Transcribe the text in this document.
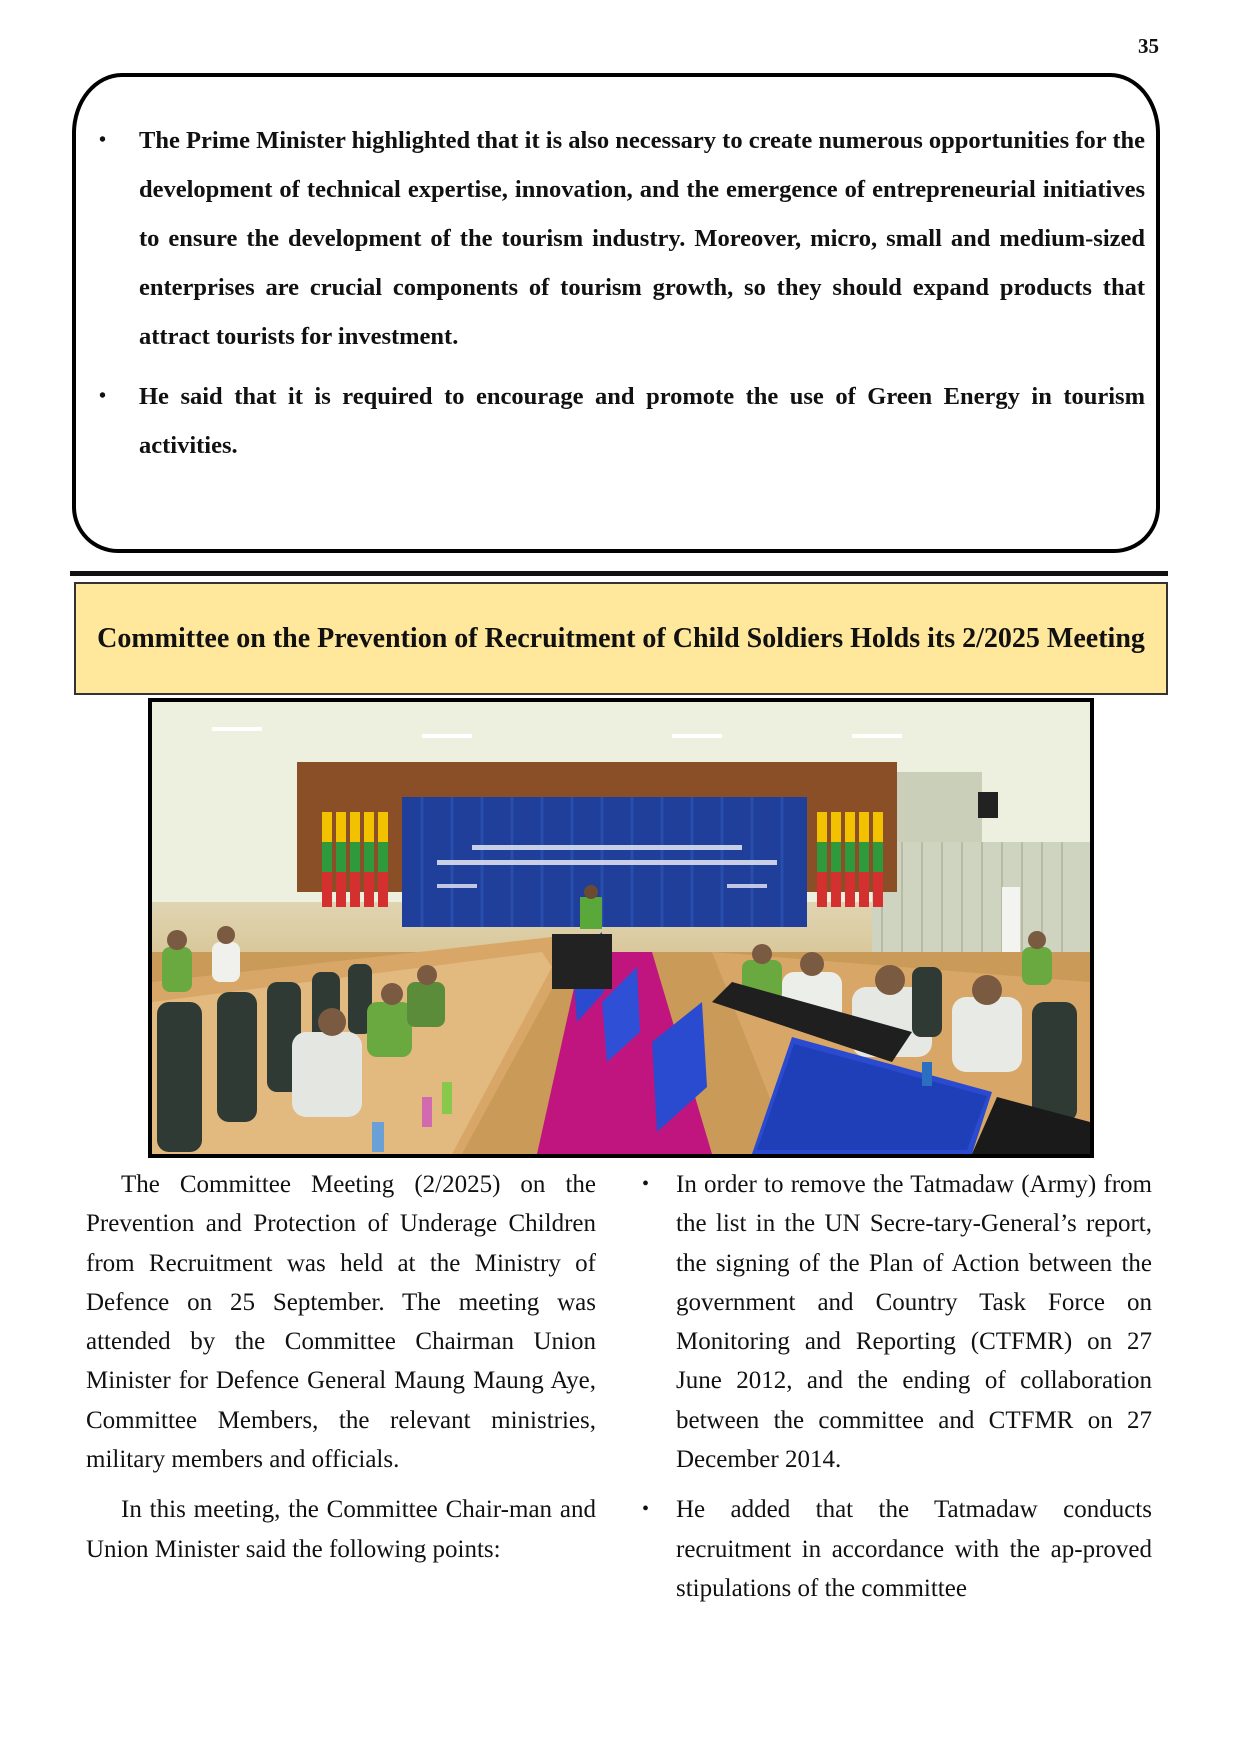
35
• The Prime Minister highlighted that it is also necessary to create numerous opportunities for the development of technical expertise, innovation, and the emergence of entrepreneurial initiatives to ensure the development of the tourism industry. Moreover, micro, small and medium-sized enterprises are crucial components of tourism growth, so they should expand products that attract tourists for investment.
• He said that it is required to encourage and promote the use of Green Energy in tourism activities.
Committee on the Prevention of Recruitment of Child Soldiers Holds its 2/2025 Meeting

The Committee Meeting (2/2025) on the Prevention and Protection of Underage Children from Recruitment was held at the Ministry of Defence on 25 September. The meeting was attended by the Committee Chairman Union Minister for Defence General Maung Maung Aye, Committee Members, the relevant ministries, military members and officials.

In this meeting, the Committee Chair-man and Union Minister said the following points:

• In order to remove the Tatmadaw (Army) from the list in the UN Secre-tary-General’s report, the signing of the Plan of Action between the government and Country Task Force on Monitoring and Reporting (CTFMR) on 27 June 2012, and the ending of collaboration between the committee and CTFMR on 27 December 2014.
• He added that the Tatmadaw conducts recruitment in accordance with the ap-proved stipulations of the committee
